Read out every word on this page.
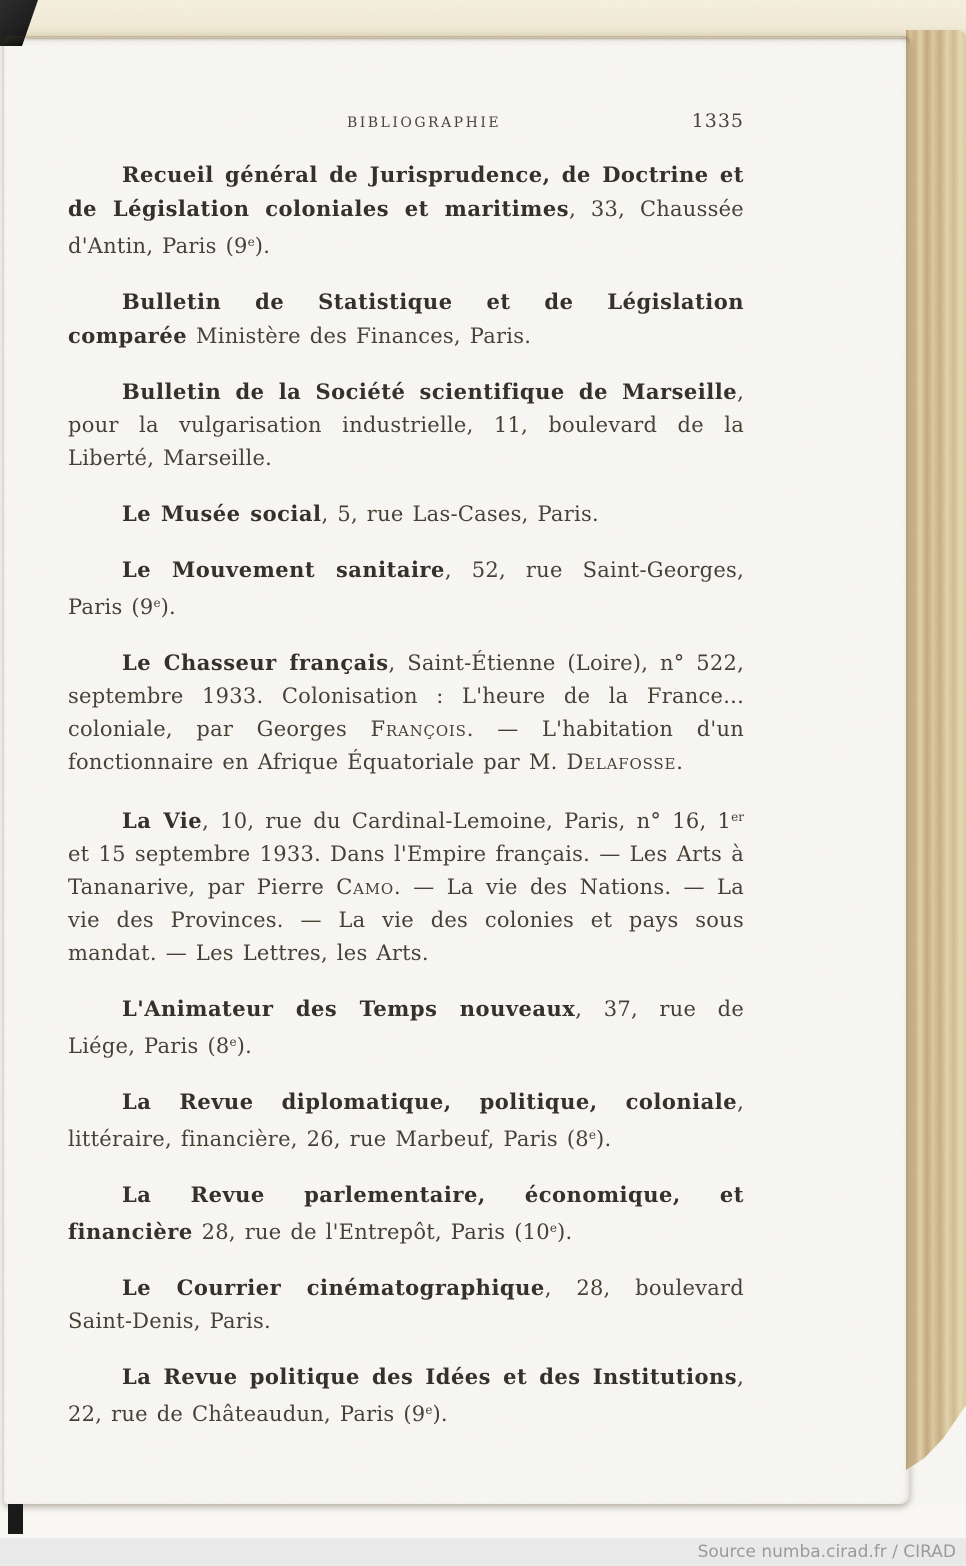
BIBLIOGRAPHIE	1335

Recueil général de Jurisprudence, de Doctrine et de Législation coloniales et maritimes, 33, Chaussée d'Antin, Paris (9e).

Bulletin de Statistique et de Législation comparée Ministère des Finances, Paris.

Bulletin de la Société scientifique de Marseille, pour la vulgarisation industrielle, 11, boulevard de la Liberté, Marseille.

Le Musée social, 5, rue Las-Cases, Paris.

Le Mouvement sanitaire, 52, rue Saint-Georges, Paris (9e).

Le Chasseur français, Saint-Étienne (Loire), n° 522, septembre 1933. Colonisation : L'heure de la France... coloniale, par Georges François. — L'habitation d'un fonctionnaire en Afrique Équatoriale par M. Delafosse.

La Vie, 10, rue du Cardinal-Lemoine, Paris, n° 16, 1er et 15 septembre 1933. Dans l'Empire français. — Les Arts à Tananarive, par Pierre Camo. — La vie des Nations. — La vie des Provinces. — La vie des colonies et pays sous mandat. — Les Lettres, les Arts.

L'Animateur des Temps nouveaux, 37, rue de Liége, Paris (8e).

La Revue diplomatique, politique, coloniale, littéraire, financière, 26, rue Marbeuf, Paris (8e).

La Revue parlementaire, économique, et financière 28, rue de l'Entrepôt, Paris (10e).

Le Courrier cinématographique, 28, boulevard Saint-Denis, Paris.

La Revue politique des Idées et des Institutions, 22, rue de Châteaudun, Paris (9e).

Source numba.cirad.fr / CIRAD
